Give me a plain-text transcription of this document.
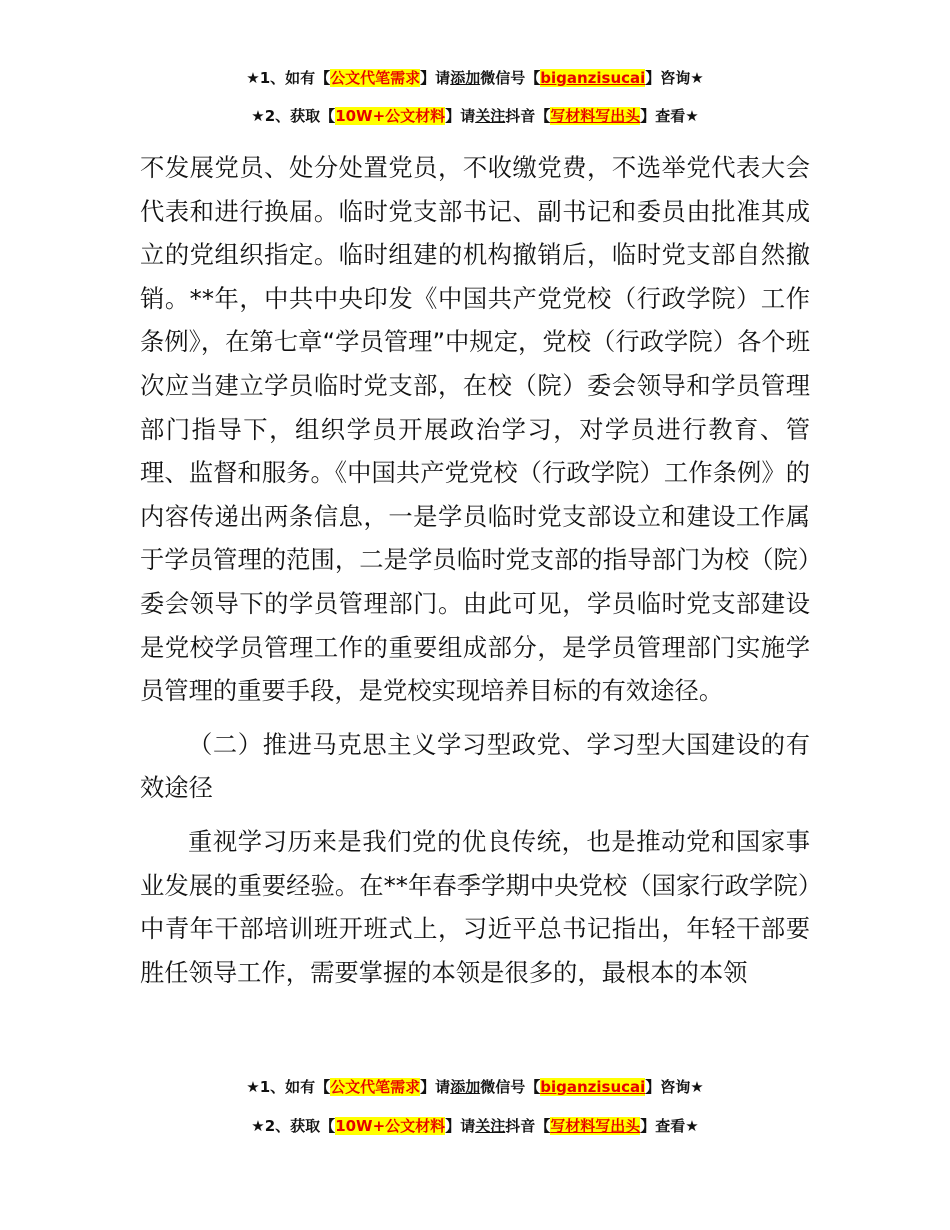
★1、如有【公文代笔需求】请添加微信号【biganzisucai】咨询★
★2、获取【10W+公文材料】请关注抖音【写材料写出头】查看★

不发展党员、处分处置党员，不收缴党费，不选举党代表大会代表和进行换届。临时党支部书记、副书记和委员由批准其成立的党组织指定。临时组建的机构撤销后，临时党支部自然撤销。**年，中共中央印发《中国共产党党校（行政学院）工作条例》，在第七章“学员管理”中规定，党校（行政学院）各个班次应当建立学员临时党支部，在校（院）委会领导和学员管理部门指导下，组织学员开展政治学习，对学员进行教育、管理、监督和服务。《中国共产党党校（行政学院）工作条例》的内容传递出两条信息，一是学员临时党支部设立和建设工作属于学员管理的范围，二是学员临时党支部的指导部门为校（院）委会领导下的学员管理部门。由此可见，学员临时党支部建设是党校学员管理工作的重要组成部分，是学员管理部门实施学员管理的重要手段，是党校实现培养目标的有效途径。

（二）推进马克思主义学习型政党、学习型大国建设的有效途径

重视学习历来是我们党的优良传统，也是推动党和国家事业发展的重要经验。在**年春季学期中央党校（国家行政学院）中青年干部培训班开班式上，习近平总书记指出，年轻干部要胜任领导工作，需要掌握的本领是很多的，最根本的本领

★1、如有【公文代笔需求】请添加微信号【biganzisucai】咨询★
★2、获取【10W+公文材料】请关注抖音【写材料写出头】查看★
